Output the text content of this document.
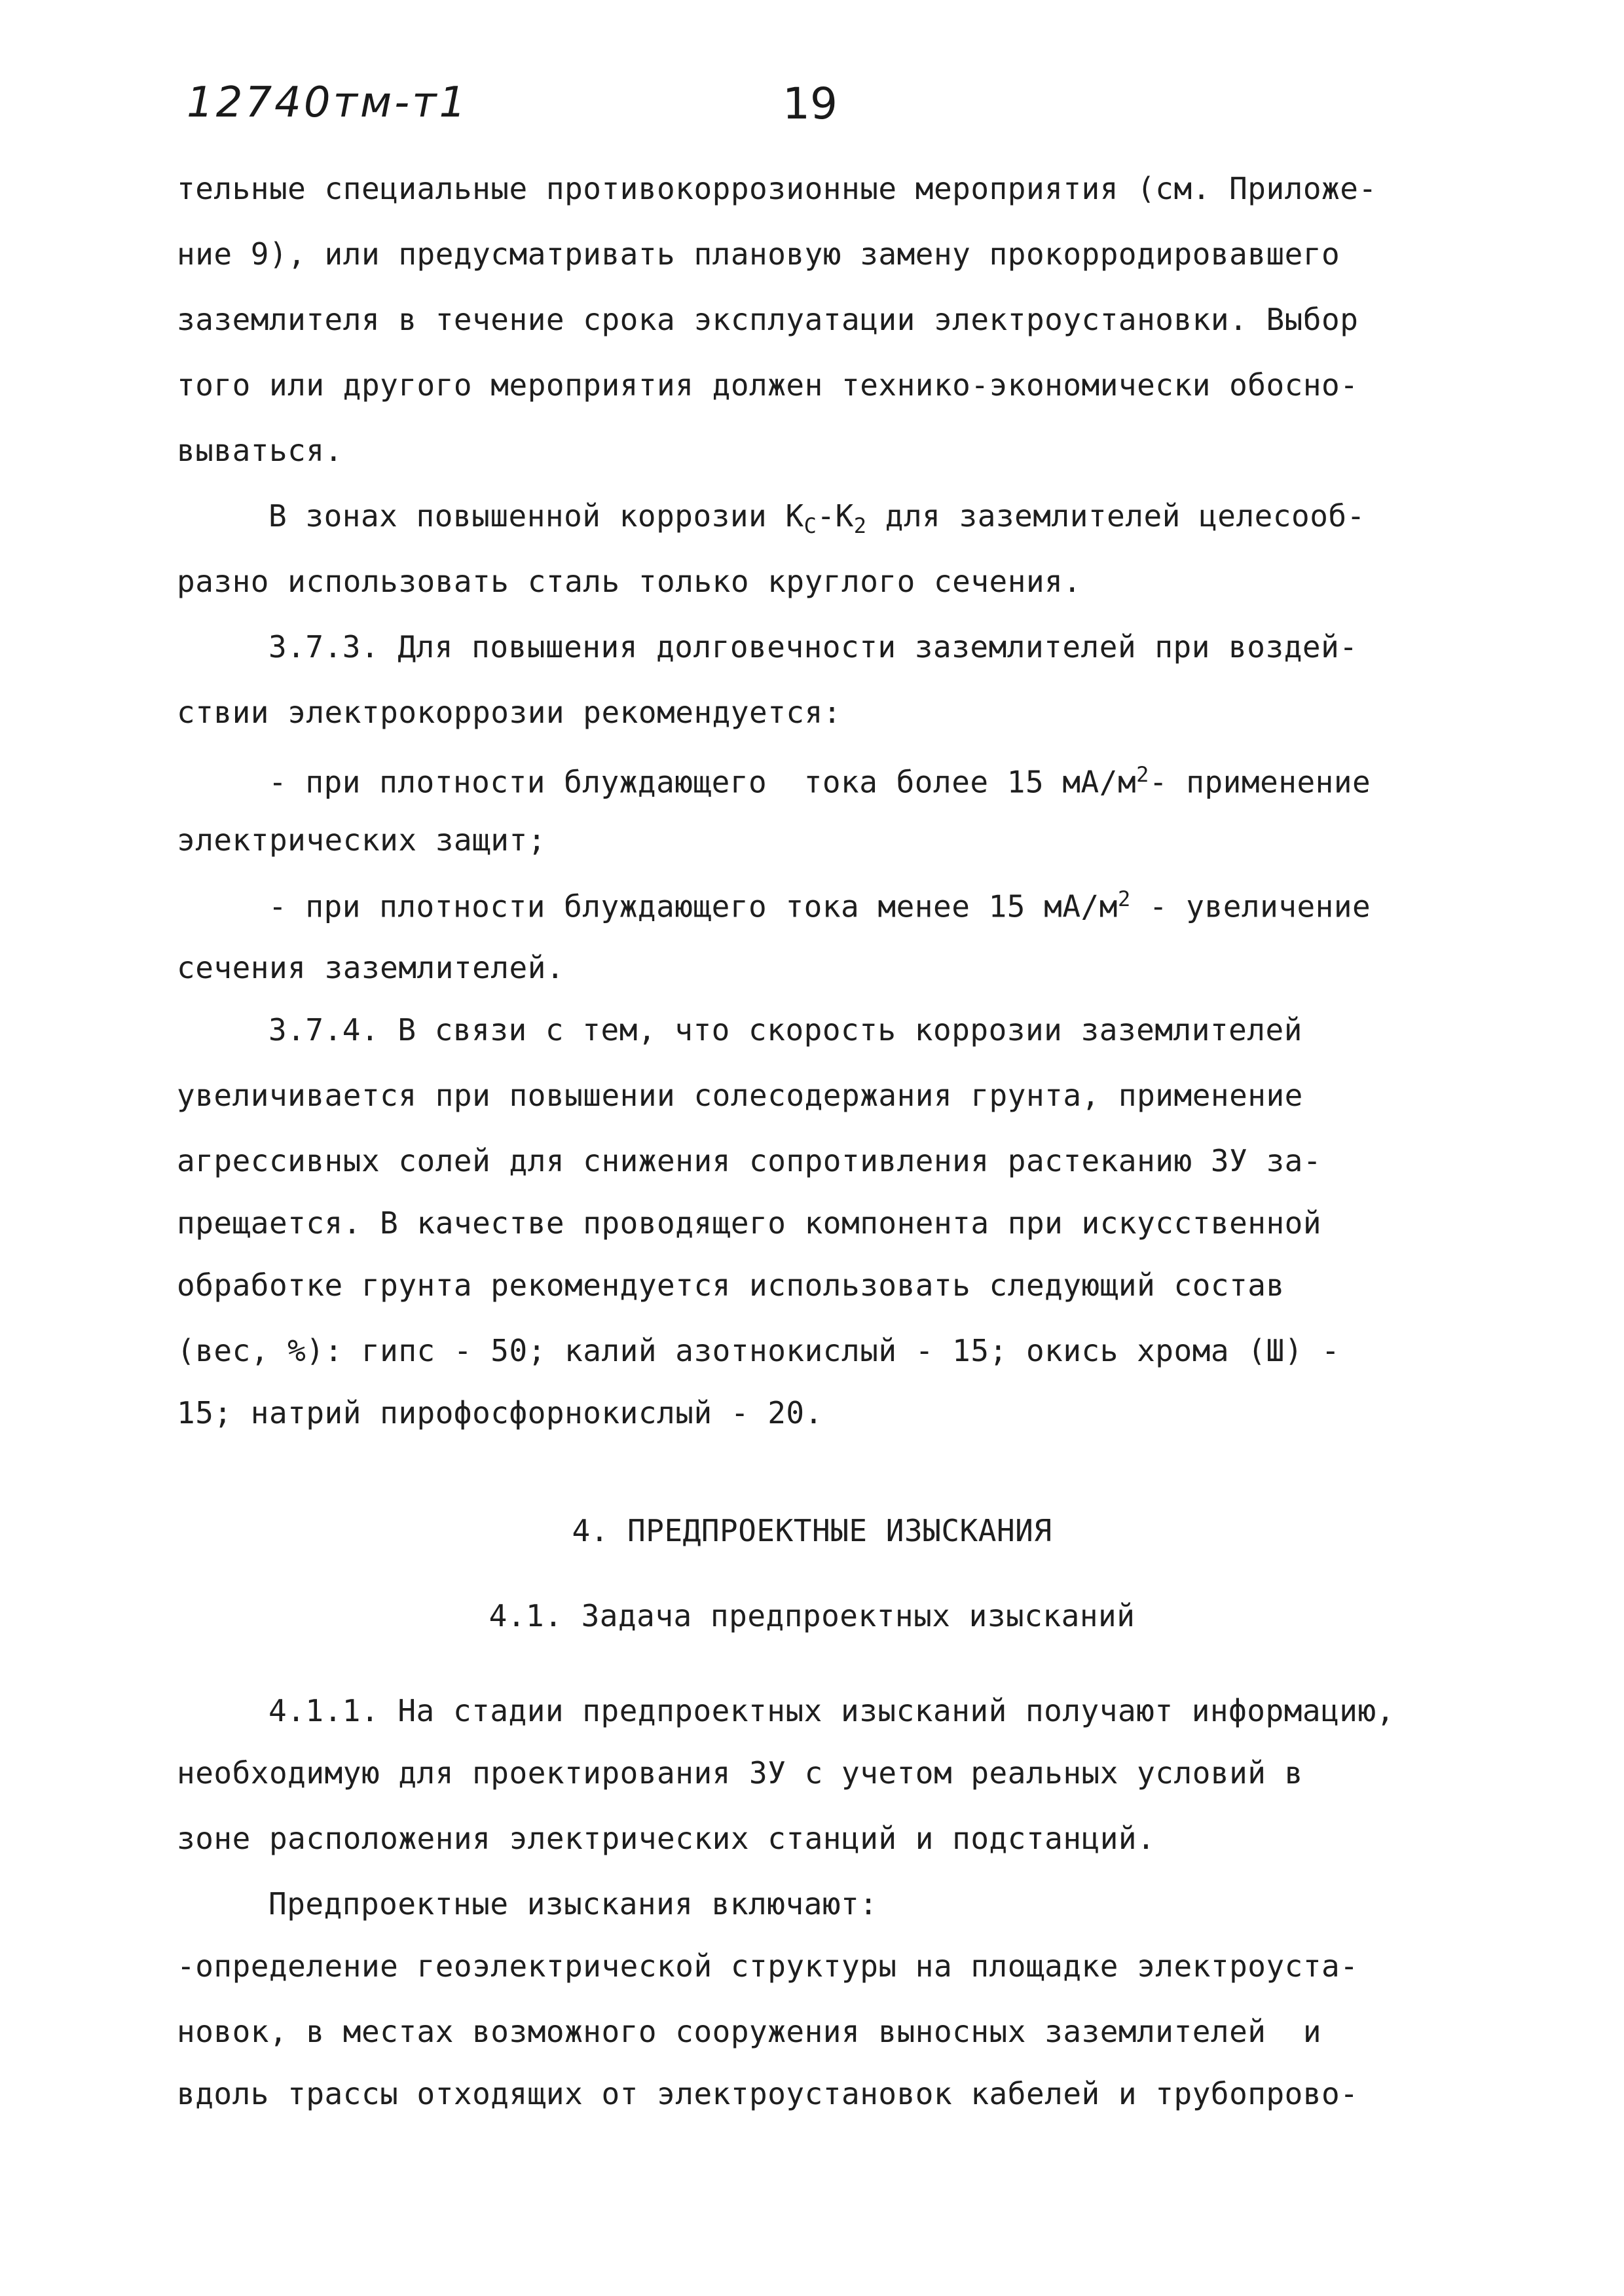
12740тм-т1	19
тельные специальные противокоррозионные мероприятия (см. Приложе-
ние 9), или предусматривать плановую замену прокорродировавшего
заземлителя в течение срока эксплуатации электроустановки. Выбор
того или другого мероприятия должен технико-экономически обосно-
вываться.
В зонах повышенной коррозии $К_С-К_2$ для заземлителей целесооб-
разно использовать сталь только круглого сечения.
3.7.3. Для повышения долговечности заземлителей при воздей-
ствии электрокоррозии рекомендуется:
- при плотности блуждающего  тока более 15 $мА/м^2-$ применение
электрических защит;
- при плотности блуждающего тока менее 15 $мА/м^2$ - увеличение
сечения заземлителей.
3.7.4. В связи с тем, что скорость коррозии заземлителей
увеличивается при повышении солесодержания грунта, применение
агрессивных солей для снижения сопротивления растеканию ЗУ за-
прещается. В качестве проводящего компонента при искусственной
обработке грунта рекомендуется использовать следующий состав
(вес, %): гипс - 50; калий азотнокислый - 15; окись хрома (Ш) -
15; натрий пирофосфорнокислый - 20.
4. ПРЕДПРОЕКТНЫЕ ИЗЫСКАНИЯ
4.1. Задача предпроектных изысканий
4.1.1. На стадии предпроектных изысканий получают информацию,
необходимую для проектирования ЗУ с учетом реальных условий в
зоне расположения электрических станций и подстанций.
Предпроектные изыскания включают:
-определение геоэлектрической структуры на площадке электроуста-
новок, в местах возможного сооружения выносных заземлителей  и
вдоль трассы отходящих от электроустановок кабелей и трубопрово-
